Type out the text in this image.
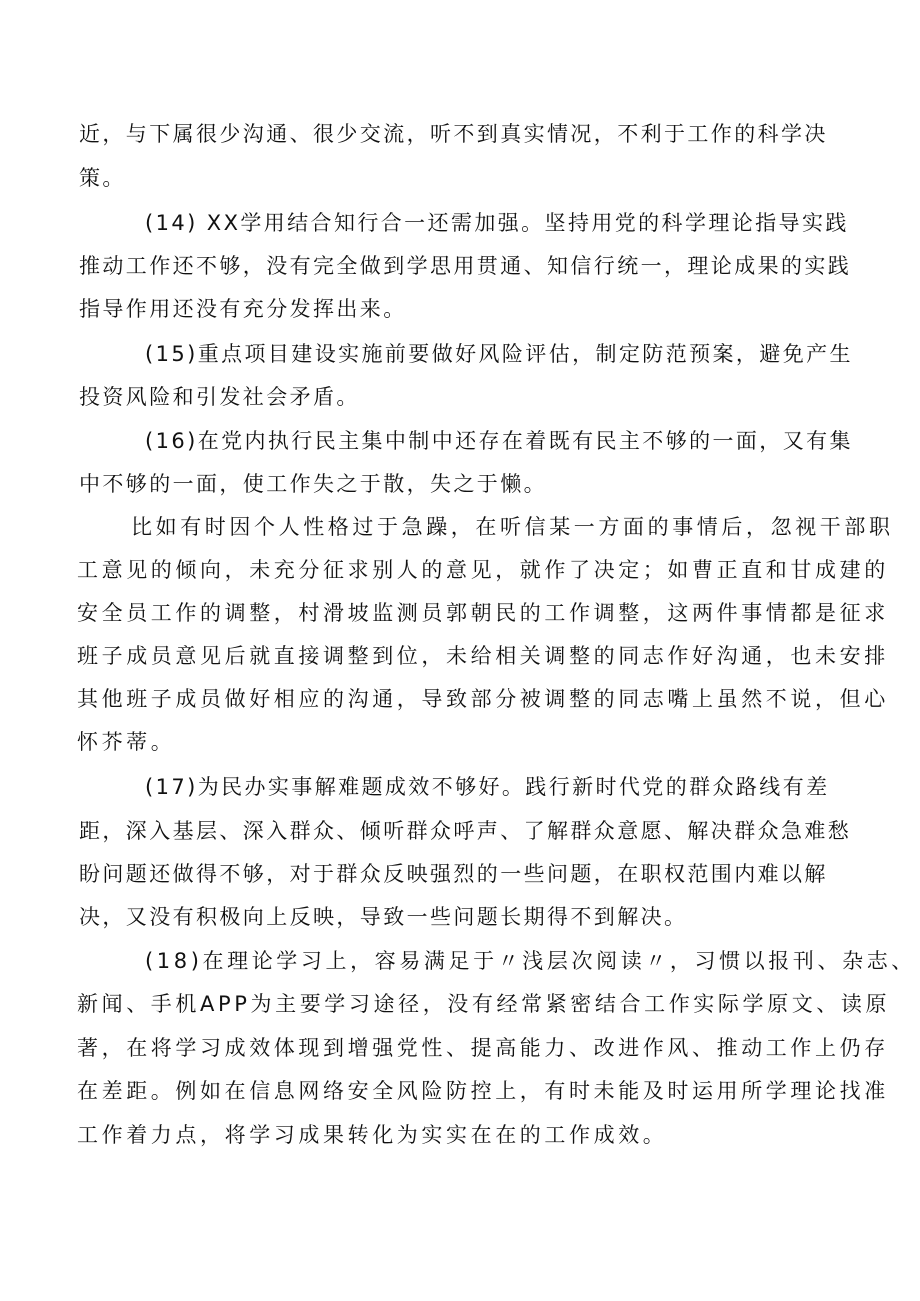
近，与下属很少沟通、很少交流，听不到真实情况，不利于工作的科学决
策。
(14) XX学用结合知行合一还需加强。坚持用党的科学理论指导实践
推动工作还不够，没有完全做到学思用贯通、知信行统一，理论成果的实践
指导作用还没有充分发挥出来。
(15)重点项目建设实施前要做好风险评估，制定防范预案，避免产生
投资风险和引发社会矛盾。
(16)在党内执行民主集中制中还存在着既有民主不够的一面，又有集
中不够的一面，使工作失之于散，失之于懒。
比如有时因个人性格过于急躁，在听信某一方面的事情后，忽视干部职
工意见的倾向，未充分征求别人的意见，就作了决定；如曹正直和甘成建的
安全员工作的调整，村滑坡监测员郭朝民的工作调整，这两件事情都是征求
班子成员意见后就直接调整到位，未给相关调整的同志作好沟通，也未安排
其他班子成员做好相应的沟通，导致部分被调整的同志嘴上虽然不说，但心
怀芥蒂。
(17)为民办实事解难题成效不够好。践行新时代党的群众路线有差
距，深入基层、深入群众、倾听群众呼声、了解群众意愿、解决群众急难愁
盼问题还做得不够，对于群众反映强烈的一些问题，在职权范围内难以解
决，又没有积极向上反映，导致一些问题长期得不到解决。
(18)在理论学习上，容易满足于〃浅层次阅读〃，习惯以报刊、杂志、
新闻、手机APP为主要学习途径，没有经常紧密结合工作实际学原文、读原
著，在将学习成效体现到增强党性、提高能力、改进作风、推动工作上仍存
在差距。例如在信息网络安全风险防控上，有时未能及时运用所学理论找准
工作着力点，将学习成果转化为实实在在的工作成效。
